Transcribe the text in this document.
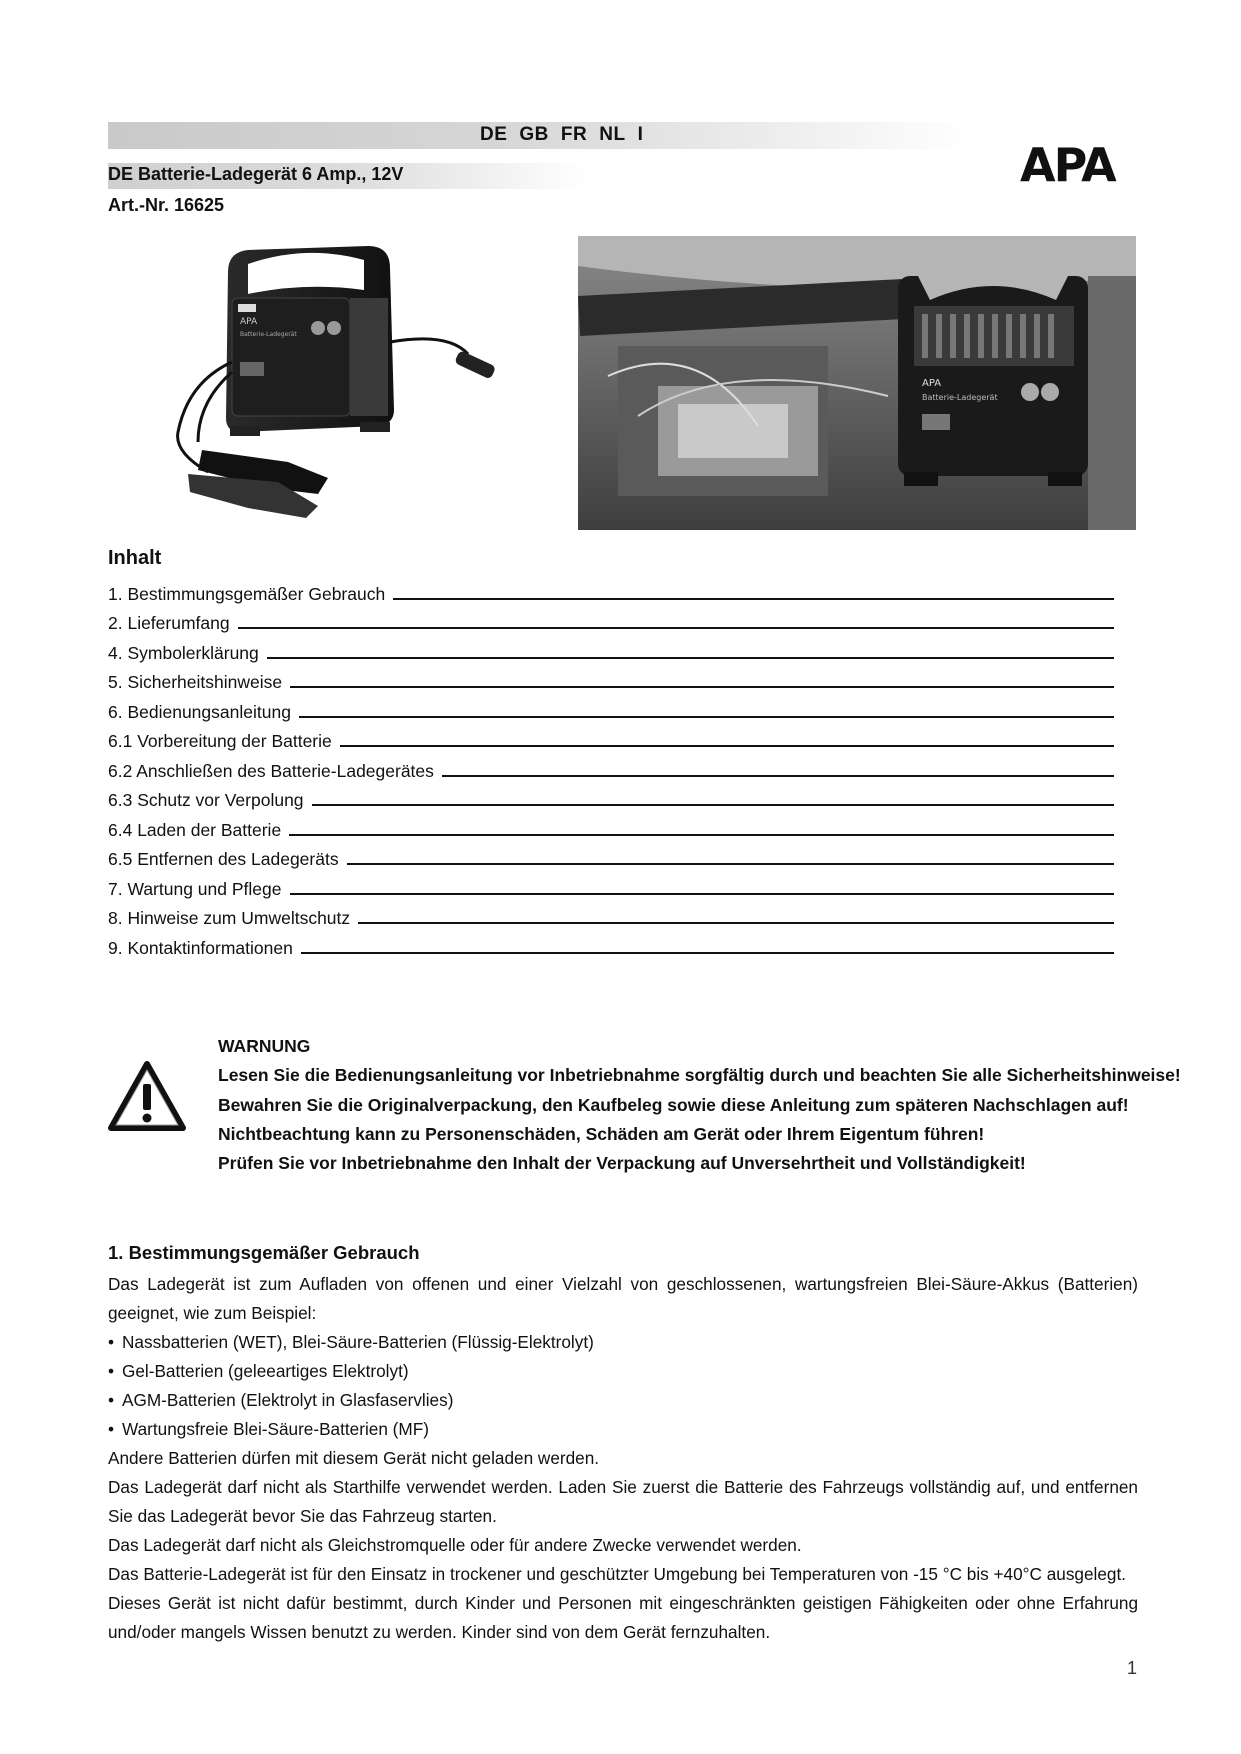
DE GB FR NL I
DE Batterie-Ladegerät 6 Amp., 12V
Art.-Nr. 16625
APA
APA
Batterie-Ladegerät
APA
Batterie-Ladegerät
Inhalt
1. Bestimmungsgemäßer Gebrauch
2. Lieferumfang
4. Symbolerklärung
5. Sicherheitshinweise
6. Bedienungsanleitung
6.1 Vorbereitung der Batterie
6.2 Anschließen des Batterie-Ladegerätes
6.3 Schutz vor Verpolung
6.4 Laden der Batterie
6.5 Entfernen des Ladegeräts
7. Wartung und Pflege
8. Hinweise zum Umweltschutz
9. Kontaktinformationen
WARNUNG
Lesen Sie die Bedienungsanleitung vor Inbetriebnahme sorgfältig durch und beachten Sie alle Sicherheitshinweise!
Bewahren Sie die Originalverpackung, den Kaufbeleg sowie diese Anleitung zum späteren Nachschlagen auf!
Nichtbeachtung kann zu Personenschäden, Schäden am Gerät oder Ihrem Eigentum führen!
Prüfen Sie vor Inbetriebnahme den Inhalt der Verpackung auf Unversehrtheit und Vollständigkeit!
1. Bestimmungsgemäßer Gebrauch

Das Ladegerät ist zum Aufladen von offenen und einer Vielzahl von geschlossenen, wartungsfreien Blei-Säure-Akkus (Batterien) geeignet, wie zum Beispiel:

• Nassbatterien (WET), Blei-Säure-Batterien (Flüssig-Elektrolyt)
• Gel-Batterien (geleeartiges Elektrolyt)
• AGM-Batterien (Elektrolyt in Glasfaservlies)
• Wartungsfreie Blei-Säure-Batterien (MF)

Andere Batterien dürfen mit diesem Gerät nicht geladen werden.

Das Ladegerät darf nicht als Starthilfe verwendet werden. Laden Sie zuerst die Batterie des Fahrzeugs vollständig auf, und entfernen Sie das Ladegerät bevor Sie das Fahrzeug starten.

Das Ladegerät darf nicht als Gleichstromquelle oder für andere Zwecke verwendet werden.

Das Batterie-Ladegerät ist für den Einsatz in trockener und geschützter Umgebung bei Temperaturen von -15 °C bis +40°C ausgelegt.

Dieses Gerät ist nicht dafür bestimmt, durch Kinder und Personen mit eingeschränkten geistigen Fähigkeiten oder ohne Erfahrung und/oder mangels Wissen benutzt zu werden. Kinder sind von dem Gerät fernzuhalten.

1
